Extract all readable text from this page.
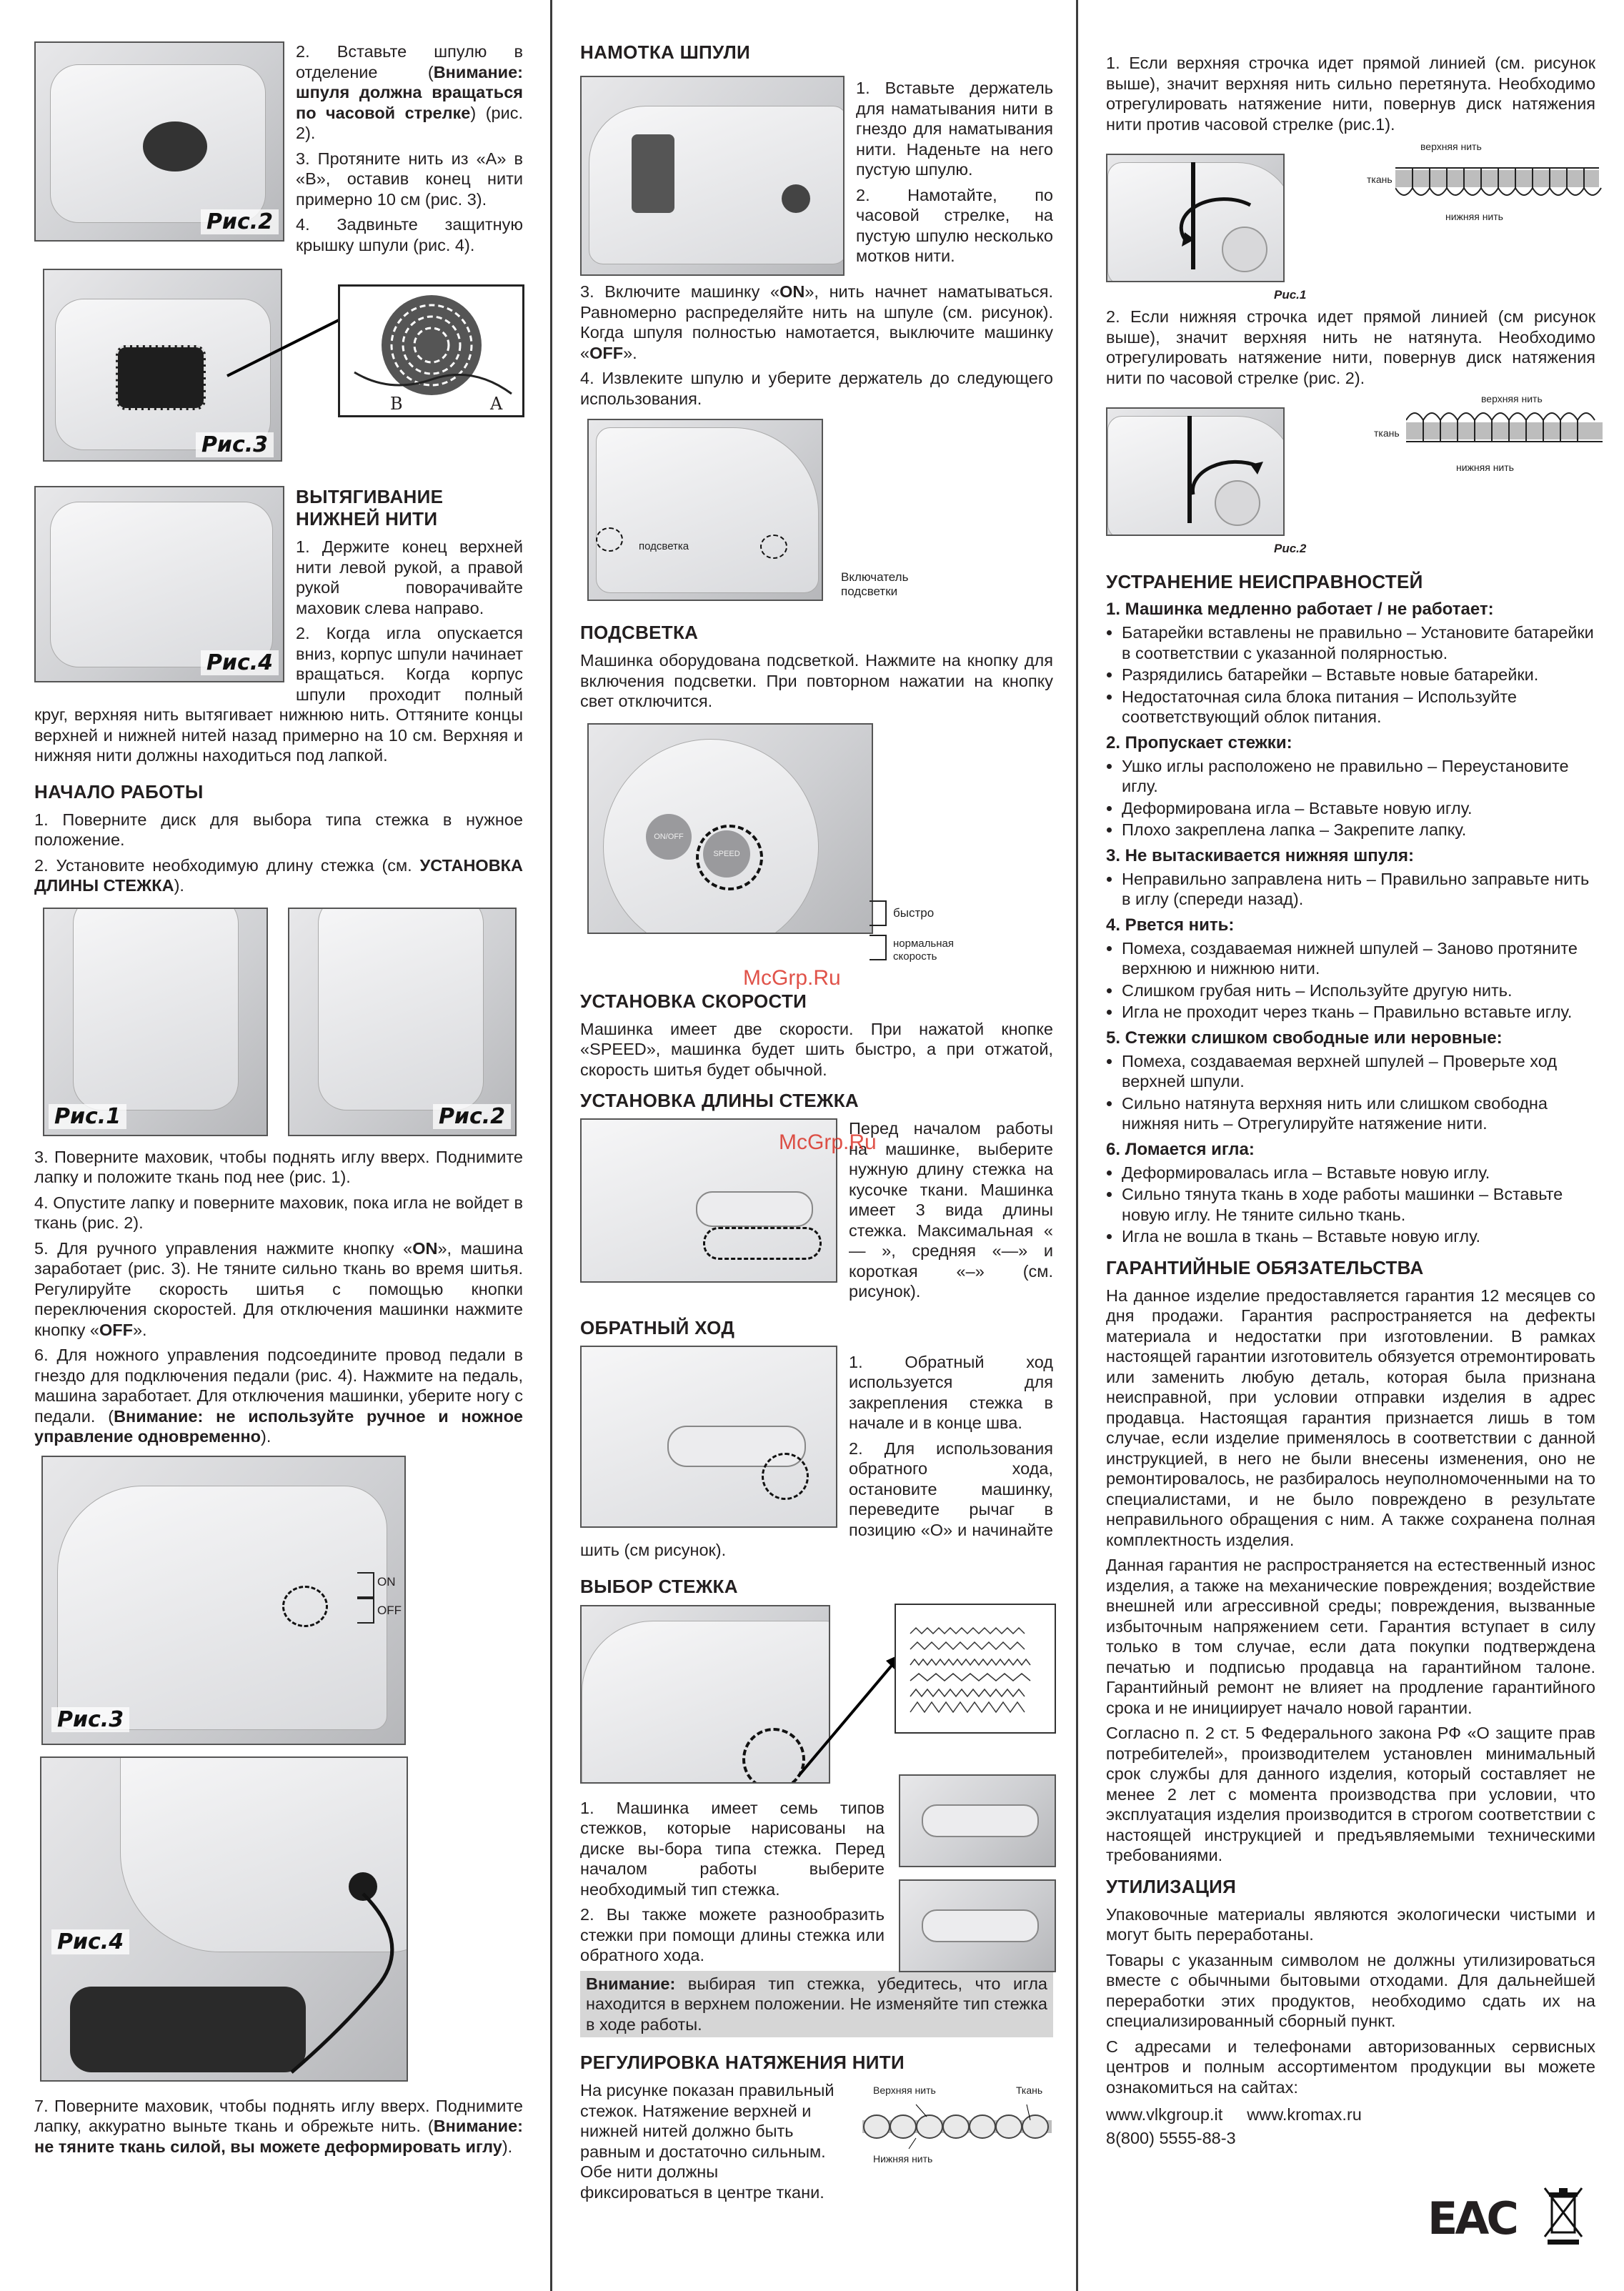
Рис.2

2. Вставьте шпулю в отделение (Внимание: шпуля должна вращаться по часовой стрелке) (рис. 2).

3. Протяните нить из «A» в «B», оставив конец нити примерно 10 см (рис. 3).

4. Задвиньте защитную крышку шпули (рис. 4).

Рис.3
B	A
Рис.4
ВЫТЯГИВАНИЕ НИЖНЕЙ НИТИ

1. Держите конец верхней нити левой рукой, а правой рукой поворачивайте маховик слева направо.

2. Когда игла опускается вниз, корпус шпули начинает вращаться. Когда корпус шпули проходит полный круг, верхняя нить вытягивает нижнюю нить. Оттяните концы верхней и нижней нитей назад примерно на 10 см. Верхняя и нижняя нити должны находиться под лапкой.

НАЧАЛО РАБОТЫ

1. Поверните диск для выбора типа стежка в нужное положение.

2. Установите необходимую длину стежка (см. УСТАНОВКА ДЛИНЫ СТЕЖКА).

Рис.1	Рис.2

3. Поверните маховик, чтобы поднять иглу вверх. Поднимите лапку и положите ткань под нее (рис. 1).

4. Опустите лапку и поверните маховик, пока игла не войдет в ткань (рис. 2).

5. Для ручного управления нажмите кнопку «ON», машина заработает (рис. 3). Не тяните сильно ткань во время шитья. Регулируйте скорость шитья с помощью кнопки переключения скоростей. Для отключения машинки нажмите кнопку «OFF».

6. Для ножного управления подсоедините провод педали в гнездо для подключения педали (рис. 4). Нажмите на педаль, машина заработает. Для отключения машинки, уберите ногу с педали. (Внимание: не используйте ручное и ножное управление одновременно).

Рис.3
ON
OFF
Рис.4

7. Поверните маховик, чтобы поднять иглу вверх. Поднимите лапку, аккуратно выньте ткань и обрежьте нить. (Внимание: не тяните ткань силой, вы можете деформировать иглу).

НАМОТКА ШПУЛИ

1. Вставьте держатель для наматывания нити в гнездо для наматывания нити. Наденьте на него пустую шпулю.

2. Намотайте, по часовой стрелке, на пустую шпулю несколько мотков нити.

3. Включите машинку «ON», нить начнет наматываться. Равномерно распределяйте нить на шпуле (см. рисунок). Когда шпуля полностью намотается, выключите машинку «OFF».

4. Извлеките шпулю и уберите держатель до следующего использования.

подсветка
Включатель подсветки
ПОДСВЕТКА

Машинка оборудована подсветкой. Нажмите на кнопку для включения подсветки. При повторном нажатии на кнопку свет отключится.

ON/OFF
SPEED
быстро
нормальная скорость
УСТАНОВКА СКОРОСТИ

Машинка имеет две скорости. При нажатой кнопке «SPEED», машинка будет шить быстро, а при отжатой, скорость шитья будет обычной.

УСТАНОВКА ДЛИНЫ СТЕЖКА

Перед началом работы на машинке, выберите нужную длину стежка на кусочке ткани. Машинка имеет 3 вида длины стежка. Максимальная « — », средняя «—» и короткая «–» (см. рисунок).

ОБРАТНЫЙ ХОД

1. Обратный ход используется для закрепления стежка в начале и в конце шва.

2. Для использования обратного хода, остановите машинку, переведите рычаг в позицию «О» и начинайте шить (см рисунок).

ВЫБОР СТЕЖКА

1. Машинка имеет семь типов стежков, которые нарисованы на диске вы-бора типа стежка. Перед началом работы выберите необходимый тип стежка.

2. Вы также можете разнообразить стежки при помощи длины стежка или обратного хода.

Внимание: выбирая тип стежка, убедитесь, что игла находится в верхнем положении. Не изменяйте тип стежка в ходе работы.
РЕГУЛИРОВКА НАТЯЖЕНИЯ НИТИ
Верхняя нить	Ткань
Нижняя нить

На рисунке показан правильный стежок. Натяжение верхней и нижней нитей должно быть равным и достаточно сильным. Обе нити должны фиксироваться в центре ткани.

McGrp.Ru
McGrp.Ru

1. Если верхняя строчка идет прямой линией (см. рисунок выше), значит верхняя нить сильно перетянута. Необходимо отрегулировать натяжение нити, повернув диск натяжения нити против часовой стрелке (рис.1).

Рис.1
верхняя нить
ткань
нижняя нить

2. Если нижняя строчка идет прямой линией (см рисунок выше), значит верхняя нить не натянута. Необходимо отрегулировать натяжение нити, повернув диск натяжения нити по часовой стрелке (рис. 2).

Рис.2
верхняя нить
ткань
нижняя нить
УСТРАНЕНИЕ НЕИСПРАВНОСТЕЙ
1. Машинка медленно работает / не работает:
• Батарейки вставлены не правильно – Установите батарейки в соответствии с указанной полярностью.
• Разрядились батарейки – Вставьте новые батарейки.
• Недостаточная сила блока питания – Используйте соответствующий облок питания.
2. Пропускает стежки:
• Ушко иглы расположено не правильно – Переустановите иглу.
• Деформирована игла – Вставьте новую иглу.
• Плохо закреплена лапка – Закрепите лапку.
3. Не вытаскивается нижняя шпуля:
• Неправильно заправлена нить – Правильно заправьте нить в иглу (спереди назад).
4. Рвется нить:
• Помеха, создаваемая нижней шпулей – Заново протяните верхнюю и нижнюю нити.
• Слишком грубая нить – Используйте другую нить.
• Игла не проходит через ткань – Правильно вставьте иглу.
5. Стежки слишком свободные или неровные:
• Помеха, создаваемая верхней шпулей – Проверьте ход верхней шпули.
• Сильно натянута верхняя нить или слишком свободна нижняя нить – Отрегулируйте натяжение нити.
6. Ломается игла:
• Деформировалась игла – Вставьте новую иглу.
• Сильно тянута ткань в ходе работы машинки – Вставьте новую иглу. Не тяните сильно ткань.
• Игла не вошла в ткань – Вставьте новую иглу.
ГАРАНТИЙНЫЕ ОБЯЗАТЕЛЬСТВА

На данное изделие предоставляется гарантия 12 месяцев со дня продажи. Гарантия распространяется на дефекты материала и недостатки при изготовлении. В рамках настоящей гарантии изготовитель обязуется отремонтировать или заменить любую деталь, которая была признана неисправной, при условии отправки изделия в адрес продавца. Настоящая гарантия признается лишь в том случае, если изделие применялось в соответствии с данной инструкцией, в него не были внесены изменения, оно не ремонтировалось, не разбиралось неуполномоченными на то специалистами, и не было повреждено в результате неправильного обращения с ним. А также сохранена полная комплектность изделия.

Данная гарантия не распространяется на естественный износ изделия, а также на механические повреждения; воздействие внешней или агрессивной среды; повреждения, вызванные избыточным напряжением сети. Гарантия вступает в силу только в том случае, если дата покупки подтверждена печатью и подписью продавца на гарантийном талоне. Гарантийный ремонт не влияет на продление гарантийного срока и не инициирует начало новой гарантии.

Согласно п. 2 ст. 5 Федерального закона РФ «О защите прав потребителей», производителем установлен минимальный срок службы для данного изделия, который составляет не менее 2 лет с момента производства при условии, что эксплуатация изделия производится в строгом соответствии с настоящей инструкцией и предъявляемыми техническими требованиями.

УТИЛИЗАЦИЯ

Упаковочные материалы являются экологически чистыми и могут быть переработаны.

Товары с указанным символом не должны утилизироваться вместе с обычными бытовыми отходами. Для дальнейшей переработки этих продуктов, необходимо сдать их на специализированный сборный пункт.

С адресами и телефонами авторизованных сервисных центров и полным ассортиментом продукции вы можете ознакомиться на сайтах:

www.vlkgroup.it www.kromax.ru

8(800) 5555-88-3

EAC
